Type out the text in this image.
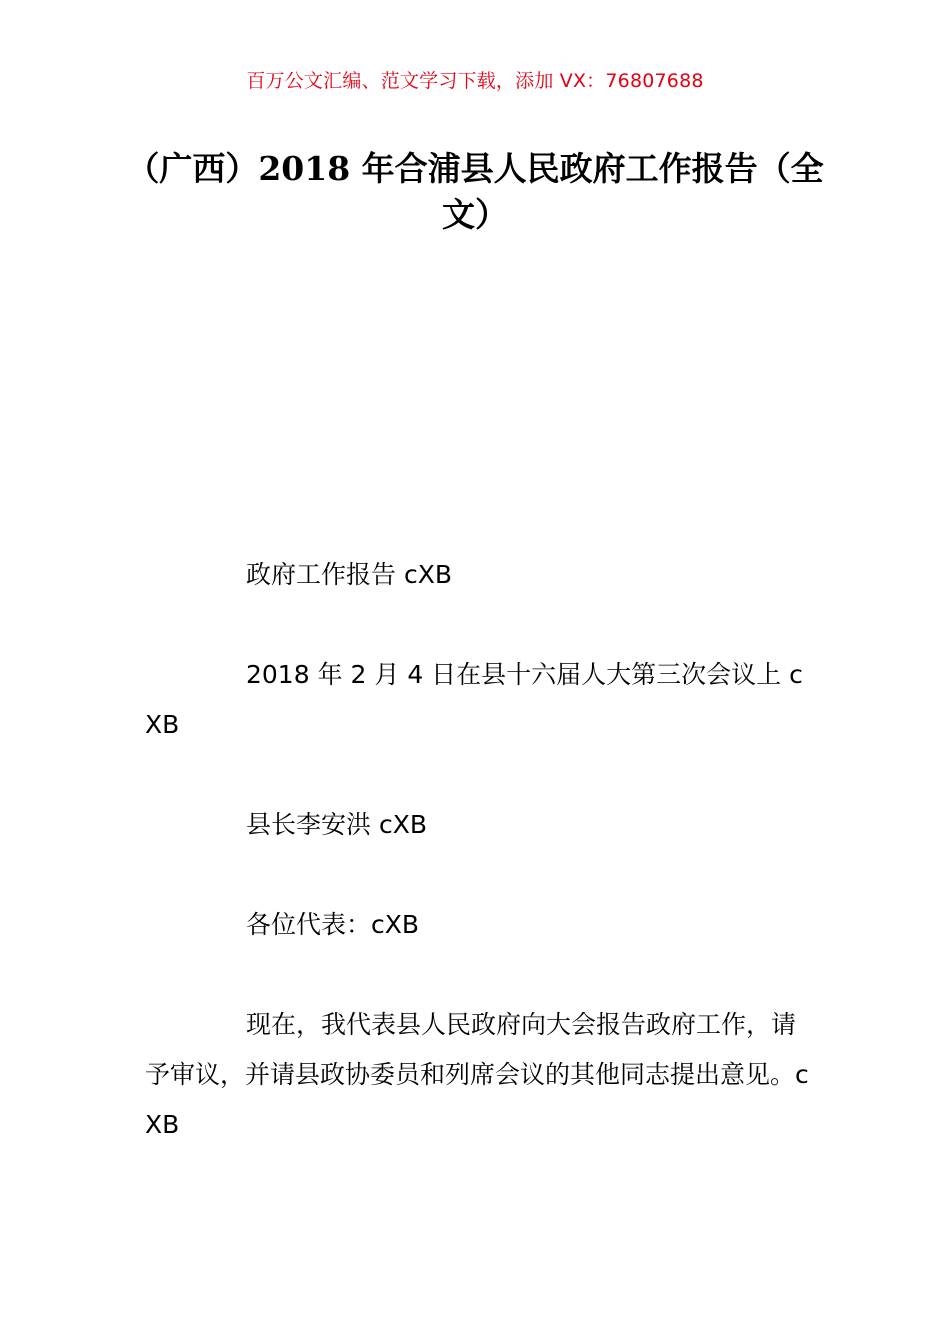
百万公文汇编、范文学习下载，添加 VX：76807688
（广西）2018 年合浦县人民政府工作报告（全文）

政府工作报告 cXB

2018 年 2 月 4 日在县十六届人大第三次会议上 cXB

县长李安洪 cXB

各位代表：cXB

现在，我代表县人民政府向大会报告政府工作，请予审议，并请县政协委员和列席会议的其他同志提出意见。cXB
